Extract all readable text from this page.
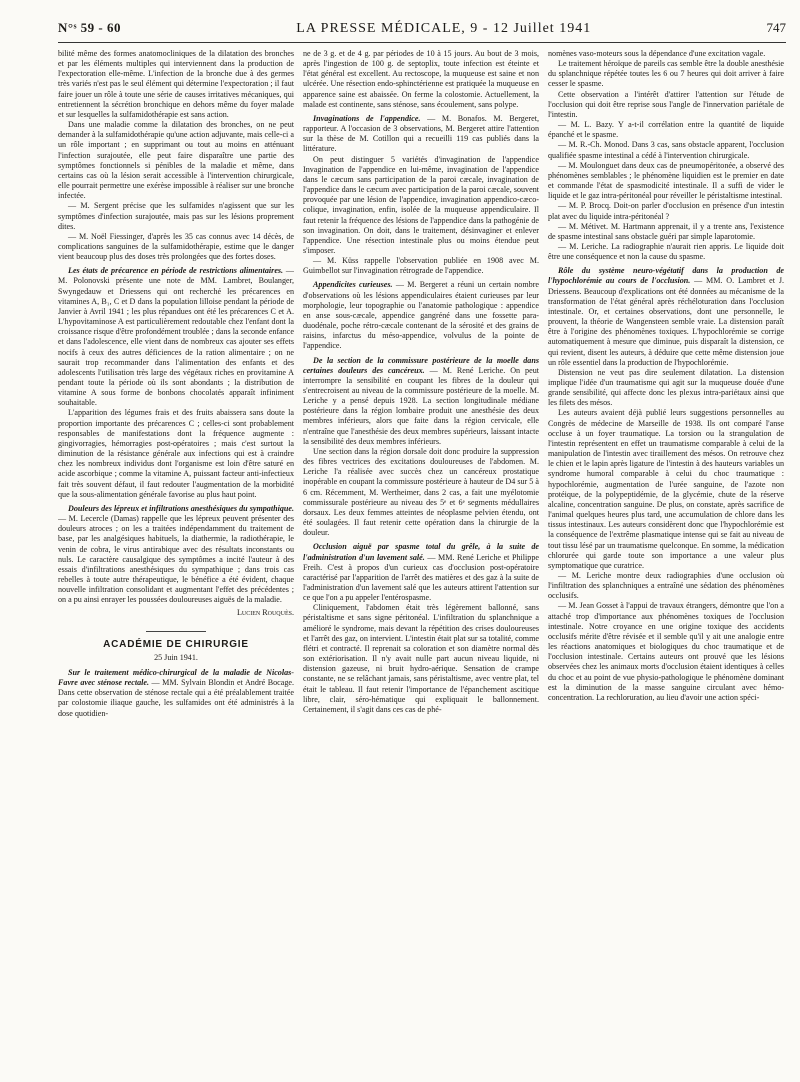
N°ˢ 59 - 60	LA PRESSE MÉDICALE, 9 - 12 Juillet 1941	747

bilité même des formes anatomocliniques de la dilatation des bronches et par les éléments multiples qui interviennent dans la production de l'expectoration elle-même. L'infection de la bronche due à des germes très variés n'est pas le seul élément qui détermine l'expectoration ; il faut faire jouer un rôle à toute une série de causes irritatives mécaniques, qui entretiennent la sécrétion bronchique en dehors même du foyer malade et sur lesquelles la sulfamidothérapie est sans action.

Dans une maladie comme la dilatation des bronches, on ne peut demander à la sulfamidothérapie qu'une action adjuvante, mais celle-ci a un rôle important ; en supprimant ou tout au moins en atténuant l'infection surajoutée, elle peut faire disparaître une partie des symptômes fonctionnels si pénibles de la maladie et même, dans certains cas où la lésion serait accessible à l'intervention chirurgicale, elle pourrait permettre une exérèse impossible à réaliser sur une bronche infectée.

— M. Sergent précise que les sulfamides n'agissent que sur les symptômes d'infection surajoutée, mais pas sur les lésions proprement dites.

— M. Noël Fiessinger, d'après les 35 cas connus avec 14 décès, de complications sanguines de la sulfamidothérapie, estime que le danger vient beaucoup plus des doses très prolongées que des fortes doses.

Les états de précarence en période de restrictions alimentaires. — M. Polonovski présente une note de MM. Lambret, Boulanger, Swyngedauw et Driessens qui ont recherché les précarences en vitamines A, B₁, C et D dans la population lilloise pendant la période de Janvier à Avril 1941 ; les plus répandues ont été les précarences C et A. L'hypovitaminose A est particulièrement redoutable chez l'enfant dont la croissance risque d'être profondément troublée ; dans la seconde enfance et dans l'adolescence, elle vient dans de nombreux cas ajouter ses effets nocifs à ceux des autres déficiences de la ration alimentaire ; on ne saurait trop recommander dans l'alimentation des enfants et des adolescents l'utilisation très large des végétaux riches en provitamine A pendant toute la période où ils sont abondants ; la distribution de vitamine A sous forme de bonbons chocolatés apparaît infiniment souhaitable.

L'apparition des légumes frais et des fruits abaissera sans doute la proportion importante des précarences C ; celles-ci sont probablement responsables de manifestations dont la fréquence augmente : gingivorragies, hémorragies post-opératoires ; mais c'est surtout la diminution de la résistance générale aux infections qui est à craindre chez les nombreux individus dont l'organisme est loin d'être saturé en acide ascorbique ; comme la vitamine A, puissant facteur anti-infectieux fait très souvent défaut, il faut redouter l'augmentation de la morbidité que la sous-alimentation générale favorise au plus haut point.

Douleurs des lépreux et infiltrations anesthésiques du sympathique. — M. Lecercle (Damas) rappelle que les lépreux peuvent présenter des douleurs atroces ; on les a traitées indépendamment du traitement de base, par les analgésiques habituels, la diathermie, la radiothérapie, le venin de cobra, le virus antirabique avec des résultats inconstants ou nuls. Le caractère causalgique des symptômes a incité l'auteur à des essais d'infiltrations anesthésiques du sympathique ; dans trois cas rebelles à toute autre thérapeutique, le bénéfice a été évident, chaque nouvelle infiltration consolidant et augmentant l'effet des précédentes ; on a pu ainsi enrayer les poussées douloureuses aiguës de la maladie.

Lucien Rouquès.
ACADÉMIE DE CHIRURGIE
25 Juin 1941.

Sur le traitement médico-chirurgical de la maladie de Nicolas-Favre avec sténose rectale. — MM. Sylvain Blondin et André Bocage. Dans cette observation de sténose rectale qui a été préalablement traitée par colostomie iliaque gauche, les sulfamides ont été administrés à la dose quotidien-

ne de 3 g. et de 4 g. par périodes de 10 à 15 jours. Au bout de 3 mois, après l'ingestion de 100 g. de septoplix, toute infection est éteinte et l'état général est excellent. Au rectoscope, la muqueuse est saine et non ulcérée. Une résection endo-sphinctérienne est pratiquée la muqueuse en apparence saine est abaissée. On ferme la colostomie. Actuellement, la malade est continente, sans sténose, sans écoulement, sans polype.

Invaginations de l'appendice. — M. Bonafos. M. Bergeret, rapporteur. A l'occasion de 3 observations, M. Bergeret attire l'attention sur la thèse de M. Cotillon qui a recueilli 119 cas publiés dans la littérature.

On peut distinguer 5 variétés d'invagination de l'appendice Invagination de l'appendice en lui-même, invagination de l'appendice dans le cæcum sans participation de la paroi cæcale, invagination de l'appendice dans le cæcum avec participation de la paroi cæcale, souvent provoquée par une lésion de l'appendice, invagination appendico-cæco-colique, invagination, enfin, isolée de la muqueuse appendiculaire. Il faut retenir la fréquence des lésions de l'appendice dans la pathogénie de son invagination. On doit, dans le traitement, désinvaginer et enlever l'appendice. Une résection intestinale plus ou moins étendue peut s'imposer.

— M. Küss rappelle l'observation publiée en 1908 avec M. Guimbellot sur l'invagination rétrograde de l'appendice.

Appendicites curieuses. — M. Bergeret a réuni un certain nombre d'observations où les lésions appendiculaires étaient curieuses par leur morphologie, leur topographie ou l'anatomie pathologique : appendice en anse sous-cæcale, appendice gangréné dans une fossette para-duodénale, poche rétro-cæcale contenant de la sérosité et des grains de raisins, infarctus du méso-appendice, volvulus de la pointe de l'appendice.

De la section de la commissure postérieure de la moelle dans certaines douleurs des cancéreux. — M. René Leriche. On peut interrompre la sensibilité en coupant les fibres de la douleur qui s'entrecroisent au niveau de la commissure postérieure de la moelle. M. Leriche y a pensé depuis 1928. La section longitudinale médiane postérieure dans la région lombaire produit une anesthésie des deux membres inférieurs, alors que faite dans la région cervicale, elle n'entraîne que l'anesthésie des deux membres supérieurs, laissant intacte la sensibilité des deux membres inférieurs.

Une section dans la région dorsale doit donc produire la suppression des fibres vectrices des excitations douloureuses de l'abdomen. M. Leriche l'a réalisée avec succès chez un cancéreux prostatique inopérable en coupant la commissure postérieure à hauteur de D4 sur 5 à 6 cm. Récemment, M. Wertheimer, dans 2 cas, a fait une myélotomie commissurale postérieure au niveau des 5ᵉ et 6ᵉ segments médullaires dorsaux. Les deux femmes atteintes de néoplasme pelvien étendu, ont été soulagées. Il faut retenir cette opération dans la chirurgie de la douleur.

Occlusion aiguë par spasme total du grêle, à la suite de l'administration d'un lavement salé. — MM. René Leriche et Philippe Freih. C'est à propos d'un curieux cas d'occlusion post-opératoire caractérisé par l'apparition de l'arrêt des matières et des gaz à la suite de l'administration d'un lavement salé que les auteurs attirent l'attention sur ce que l'on a pu appeler l'entérospasme.

Cliniquement, l'abdomen était très légèrement ballonné, sans péristaltisme et sans signe péritonéal. L'infiltration du splanchnique a amélioré le syndrome, mais devant la répétition des crises douloureuses et l'arrêt des gaz, on intervient. L'intestin était plat sur sa totalité, comme flétri et contracté. Il reprenait sa coloration et son diamètre normal dès son extériorisation. Il n'y avait nulle part aucun niveau liquide, ni distension gazeuse, ni bruit hydro-aérique. Sensation de crampe constante, ne se relâchant jamais, sans péristaltisme, avec ventre plat, tel était le tableau. Il faut retenir l'importance de l'épanchement ascitique libre, clair, séro-hématique qui expliquait le ballonnement. Certainement, il s'agit dans ces cas de phé-

nomènes vaso-moteurs sous la dépendance d'une excitation vagale.

Le traitement héroïque de pareils cas semble être la double anesthésie du splanchnique répétée toutes les 6 ou 7 heures qui doit arriver à faire cesser le spasme.

Cette observation a l'intérêt d'attirer l'attention sur l'étude de l'occlusion qui doit être reprise sous l'angle de l'innervation pariétale de l'intestin.

— M. L. Bazy. Y a-t-il corrélation entre la quantité de liquide épanché et le spasme.

— M. R.-Ch. Monod. Dans 3 cas, sans obstacle apparent, l'occlusion qualifiée spasme intestinal a cédé à l'intervention chirurgicale.

— M. Moulonguet dans deux cas de pneumopéritonée, a observé des phénomènes semblables ; le phénomène liquidien est le premier en date et commande l'état de spasmodicité intestinale. Il a suffi de vider le liquide et le gaz intra-péritonéal pour réveiller le péristaltisme intestinal.

— M. P. Brocq. Doit-on parler d'occlusion en présence d'un intestin plat avec du liquide intra-péritonéal ?

— M. Métivet. M. Hartmann apprenait, il y a trente ans, l'existence de spasme intestinal sans obstacle guéri par simple laparotomie.

— M. Leriche. La radiographie n'aurait rien appris. Le liquide doit être une conséquence et non la cause du spasme.

Rôle du système neuro-végétatif dans la production de l'hypochlorémie au cours de l'occlusion. — MM. O. Lambret et J. Driessens. Beaucoup d'explications ont été données au mécanisme de la transformation de l'état général après réchéloturation dans l'occlusion intestinale. Or, et certaines observations, dont une personnelle, le prouvent, la théorie de Wangensteen semble vraie. La distension paraît être à l'origine des phénomènes toxiques. L'hypochlorémie se corrige automatiquement à mesure que diminue, puis disparaît la distension, ce qui revient, disent les auteurs, à déduire que cette même distension joue un rôle essentiel dans la production de l'hypochlorémie.

Distension ne veut pas dire seulement dilatation. La distension implique l'idée d'un traumatisme qui agit sur la muqueuse douée d'une grande sensibilité, qui affecte donc les plexus intra-pariétaux ainsi que les filets des mésos.

Les auteurs avaient déjà publié leurs suggestions personnelles au Congrès de médecine de Marseille de 1938. Ils ont comparé l'anse occluse à un foyer traumatique. La torsion ou la strangulation de l'intestin représentent en effet un traumatisme comparable à celui de la manipulation de l'intestin avec tiraillement des mésos. On retrouve chez le chien et le lapin après ligature de l'intestin à des hauteurs variables un syndrome humoral comparable à celui du choc traumatique : hypochlorémie, augmentation de l'urée sanguine, de l'azote non protéique, de la polypeptidémie, de la glycémie, chute de la réserve alcaline, concentration sanguine. De plus, on constate, après sacrifice de l'animal quelques heures plus tard, une accumulation de chlore dans les tissus intestinaux. Les auteurs considèrent donc que l'hypochlorémie est la conséquence de l'extrême plasmatique intense qui se fait au niveau de tout tissu lésé par un traumatisme quelconque. En somme, la médication chlorurée qui garde toute son importance a une valeur plus symptomatique que curatrice.

— M. Leriche montre deux radiographies d'une occlusion où l'infiltration des splanchniques a entraîné une sédation des phénomènes occlusifs.

— M. Jean Gosset à l'appui de travaux étrangers, démontre que l'on a attaché trop d'importance aux phénomènes toxiques de l'occlusion intestinale. Notre croyance en une origine toxique des accidents occlusifs mérite d'être révisée et il semble qu'il y ait une analogie entre les réactions anatomiques et biologiques du choc traumatique et de l'occlusion intestinale. Certains auteurs ont prouvé que les lésions observées chez les animaux morts d'occlusion étaient identiques à celles du choc et au point de vue physio-pathologique le phénomène dominant est la diminution de la masse sanguine circulant avec hémo-concentration. La rechloruration, au lieu d'avoir une action spéci-
